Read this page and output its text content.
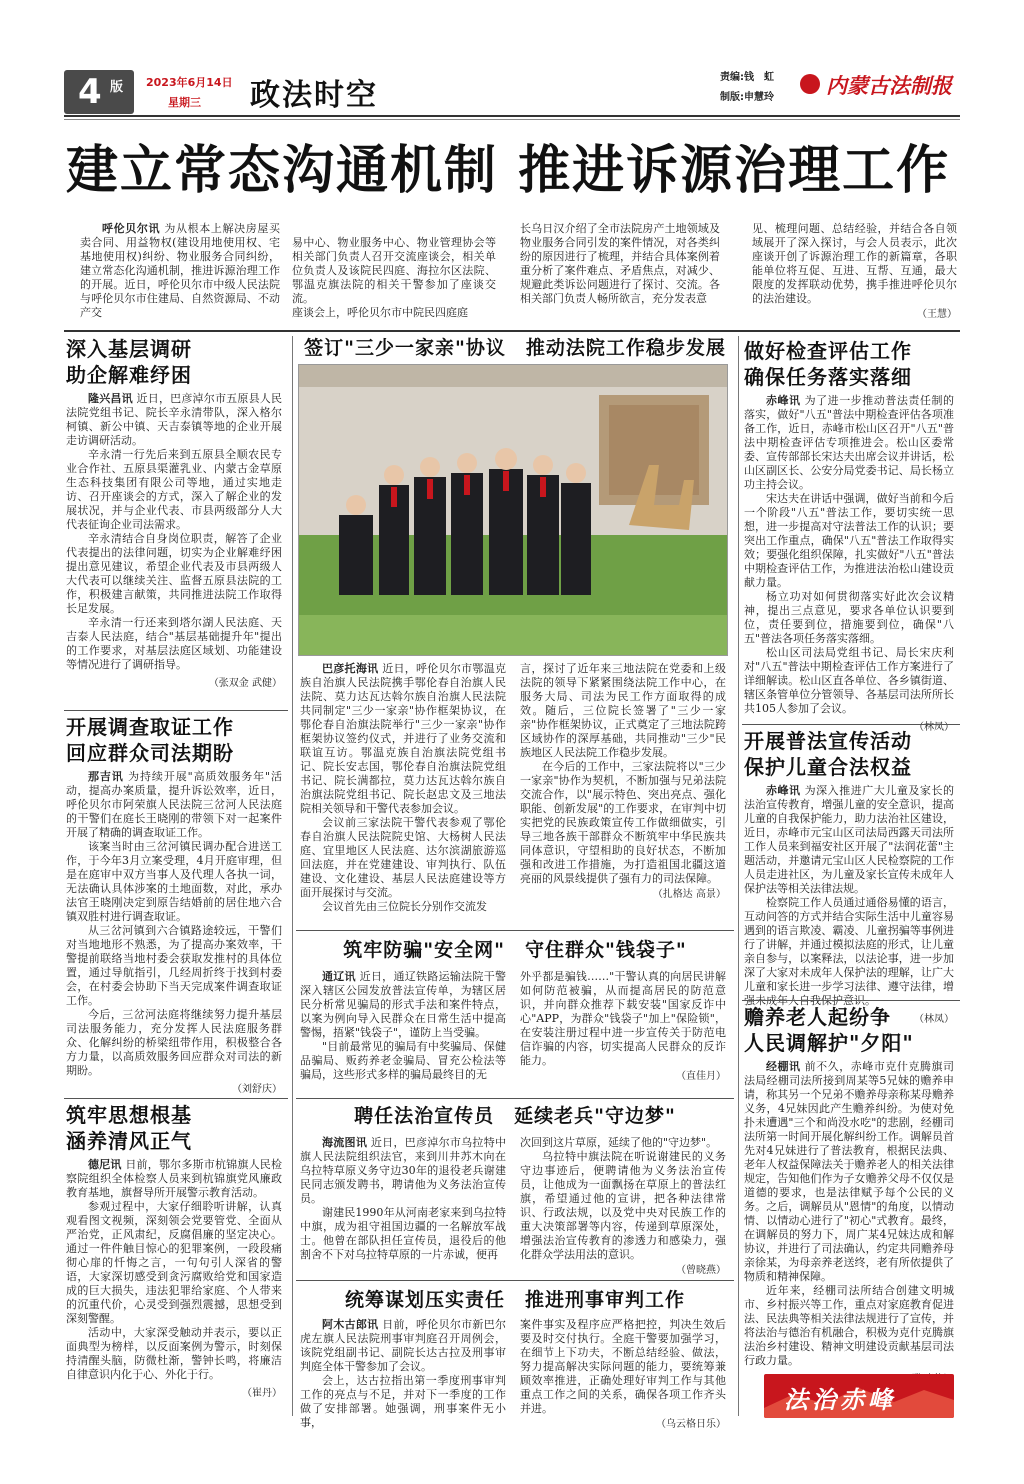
4 版 2023年6月14日
星期三 政法时空
责编:钱　虹
制版:申慧玲 内蒙古法制报
建立常态沟通机制 推进诉源治理工作

呼伦贝尔讯 为从根本上解决房屋买卖合同、用益物权(建设用地使用权、宅基地使用权)纠纷、物业服务合同纠纷，建立常态化沟通机制，推进诉源治理工作的开展。近日，呼伦贝尔市中级人民法院与呼伦贝尔市住建局、自然资源局、不动产交

易中心、物业服务中心、物业管理协会等相关部门负责人召开交流座谈会，相关单位负责人及该院民四庭、海拉尔区法院、鄂温克旗法院的相关干警参加了座谈交流。
座谈会上，呼伦贝尔市中院民四庭庭

长乌日汉介绍了全市法院房产土地领域及物业服务合同引发的案件情况，对各类纠纷的原因进行了梳理，并结合具体案例着重分析了案件难点、矛盾焦点，对减少、规避此类诉讼问题进行了探讨、交流。各相关部门负责人畅所欲言，充分发表意
见、梳理问题、总结经验，并结合各自领域展开了深入探讨，与会人员表示，此次座谈开创了诉源治理工作的新篇章，各职能单位将互促、互进、互帮、互通，最大限度的发挥联动优势，携手推进呼伦贝尔的法治建设。
（王慧）
深入基层调研
助企解难纾困

隆兴昌讯 近日，巴彦淖尔市五原县人民法院党组书记、院长辛永清带队，深入格尔柯镇、新公中镇、天吉泰镇等地的企业开展走访调研活动。

辛永清一行先后来到五原县全顺农民专业合作社、五原县渠灌乳业、内蒙古金草原生态科技集团有限公司等地，通过实地走访、召开座谈会的方式，深入了解企业的发展状况，并与企业代表、市县两级部分人大代表征询企业司法需求。

辛永清结合自身岗位职责，解答了企业代表提出的法律问题，切实为企业解难纾困提出意见建议，希望企业代表及市县两级人大代表可以继续关注、监督五原县法院的工作，积极建言献策，共同推进法院工作取得长足发展。

辛永清一行还来到塔尔湖人民法庭、天吉泰人民法庭，结合"基层基础提升年"提出的工作要求，对基层法庭区域划、功能建设等情况进行了调研指导。

（张双金 武健）
开展调查取证工作
回应群众司法期盼

那吉讯 为持续开展"高质效服务年"活动，提高办案质量，提升诉讼效率，近日，呼伦贝尔市阿荣旗人民法院三岔河人民法庭的干警们在庭长王晓刚的带领下对一起案件开展了精确的调查取证工作。

该案当时由三岔河镇民调办配合进送工作，于今年3月立案受理，4月开庭审理，但是在庭审中双方当事人及代理人各执一词，无法确认具体涉案的土地面数，对此，承办法官王晓刚决定到原告结婚前的居住地六合镇双胜村进行调查取证。

从三岔河镇到六合镇路途较远，干警们对当地地形不熟悉，为了提高办案效率，干警提前联络当地村委会获取发推村的具体位置，通过导航指引，几经周折终于找到村委会，在村委会协助下当天完成案件调查取证工作。

今后，三岔河法庭将继续努力提升基层司法服务能力，充分发挥人民法庭服务群众、化解纠纷的桥梁纽带作用，积极整合各方力量，以高质效服务回应群众对司法的新期盼。

（刘舒庆）
筑牢思想根基
涵养清风正气

德尼讯 日前，鄂尔多斯市杭锦旗人民检察院组织全体检察人员来到杭锦旗党风廉政教育基地，旗督导所开展警示教育活动。

参观过程中，大家仔细聆听讲解，认真观看图文视频，深刻领会党要管党、全面从严治党，正风肃纪，反腐倡廉的坚定决心。通过一件件触目惊心的犯罪案例，一段段痛彻心扉的忏悔之言，一句句引人深省的警语，大家深切感受到贪污腐败给党和国家造成的巨大损失，违法犯罪给家庭、个人带来的沉重代价，心灵受到强烈震撼，思想受到深刻警醒。

活动中，大家深受触动并表示，要以正面典型为榜样，以反面案例为警示，时刻保持清醒头脑，防微杜渐，警钟长鸣，将廉洁自律意识内化于心、外化于行。

（崔丹）
签订"三少一家亲"协议　推动法院工作稳步发展

巴彦托海讯 近日，呼伦贝尔市鄂温克族自治旗人民法院携手鄂伦春自治旗人民法院、莫力达瓦达斡尔族自治旗人民法院共同制定"三少一家亲"协作框架协议，在鄂伦春自治旗法院举行"三少一家亲"协作框架协议签约仪式，并进行了业务交流和联谊互访。鄂温克族自治旗法院党组书记、院长安志国，鄂伦春自治旗法院党组书记、院长满都拉，莫力达瓦达斡尔族自治旗法院党组书记、院长赵忠文及三地法院相关领导和干警代表参加会议。

会议前三家法院干警代表参观了鄂伦春自治旗人民法院院史馆、大杨树人民法庭、宜里地区人民法庭、达尔滨湖旅游巡回法庭，并在党建建设、审判执行、队伍建设、文化建设、基层人民法庭建设等方面开展探讨与交流。

会议首先由三位院长分别作交流发

言，探讨了近年来三地法院在党委和上级法院的领导下紧紧围绕法院工作中心，在服务大局、司法为民工作方面取得的成效。随后，三位院长签署了"三少一家亲"协作框架协议，正式奠定了三地法院跨区域协作的深厚基础，共同推动"三少"民族地区人民法院工作稳步发展。

在今后的工作中，三家法院将以"三少一家亲"协作为契机，不断加强与兄弟法院交流合作，以"展示特色、突出亮点、强化职能、创新发展"的工作要求，在审判中切实把党的民族政策宣传工作做细做实，引导三地各族干部群众不断筑牢中华民族共同体意识，守望相助的良好状态，不断加强和改进工作措施，为打造祖国北疆这道亮丽的风景线提供了强有力的司法保障。

（扎格达 高景）
筑牢防骗"安全网"　守住群众"钱袋子"

通辽讯 近日，通辽铁路运输法院干警深入辖区公园发放普法宣传单，为辖区居民分析常见骗局的形式手法和案件特点，以案为例向导入民群众在日常生活中提高警惕，捂紧"钱袋子"，谨防上当受骗。

"目前最常见的骗局有中奖骗局、保健品骗局、贩药养老金骗局、冒充公检法等骗局，这些形式多样的骗局最终目的无

外乎都是骗钱……"干警认真的向居民讲解如何防范被骗，从而提高居民的防范意识，并向群众推荐下载安装"国家反诈中心"APP，为群众"钱袋子"加上"保险锁"，在安装注册过程中进一步宣传关于防范电信诈骗的内容，切实提高人民群众的反诈能力。
（直佳月）
聘任法治宣传员　延续老兵"守边梦"

海流图讯 近日，巴彦淖尔市乌拉特中旗人民法院组织法官，来到川井苏木向在乌拉特草原义务守边30年的退役老兵谢建民同志颁发聘书，聘请他为义务法治宣传员。

谢建民1990年从河南老家来到乌拉特中旗，成为祖守祖国边疆的一名解放军战士。他曾在部队担任宣传员，退役后的他割舍不下对乌拉特草原的一片赤诚，便再

次回到这片草原，延续了他的"守边梦"。

乌拉特中旗法院在听说谢建民的义务守边事迹后，便聘请他为义务法治宣传员，让他成为一面飘扬在草原上的普法红旗，希望通过他的宣讲，把各种法律常识、行政法规，以及党中央对民族工作的重大决策部署等内容，传递到草原深处，增强法治宣传教育的渗透力和感染力，强化群众学法用法的意识。

（曾晓燕）
统筹谋划压实责任　推进刑事审判工作

阿木古郎讯 日前，呼伦贝尔市新巴尔虎左旗人民法院刑事审判庭召开周例会，该院党组副书记、副院长达古拉及刑事审判庭全体干警参加了会议。

会上，达古拉指出第一季度刑事审判工作的亮点与不足，并对下一季度的工作做了安排部署。她强调，刑事案件无小事，

案件事实及程序应严格把控，判决生效后要及时交付执行。全庭干警要加强学习，在细节上下功夫，不断总结经验、做法，努力提高解决实际问题的能力，要统筹兼顾效率推进，正确处理好审判工作与其他重点工作之间的关系，确保各项工作齐头并进。
（乌云格日乐）
做好检查评估工作
确保任务落实落细

赤峰讯 为了进一步推动普法责任制的落实，做好"八五"普法中期检查评估各项准备工作，近日，赤峰市松山区召开"八五"普法中期检查评估专项推进会。松山区委常委、宣传部部长宋达夫出席会议并讲话，松山区副区长、公安分局党委书记、局长杨立功主持会议。

宋达夫在讲话中强调，做好当前和今后一个阶段"八五"普法工作，要切实统一思想，进一步提高对守法普法工作的认识；要突出工作重点，确保"八五"普法工作取得实效；要强化组织保障，扎实做好"八五"普法中期检查评估工作，为推进法治松山建设贡献力量。

杨立功对如何贯彻落实好此次会议精神，提出三点意见，要求各单位认识要到位，责任要到位，措施要到位，确保"八五"普法各项任务落实落细。

松山区司法局党组书记、局长宋庆利对"八五"普法中期检查评估工作方案进行了详细解读。松山区直各单位、各乡镇街道、辖区条管单位分管领导、各基层司法所所长共105人参加了会议。

（林凤）
开展普法宣传活动
保护儿童合法权益

赤峰讯 为深入推进广大儿童及家长的法治宣传教育，增强儿童的安全意识，提高儿童的自我保护能力，助力法治社区建设，近日，赤峰市元宝山区司法局西露天司法所工作人员来到福安社区开展了"法润花蕾"主题活动，并邀请元宝山区人民检察院的工作人员走进社区，为儿童及家长宣传未成年人保护法等相关法律法规。

检察院工作人员通过通俗易懂的语言，互动问答的方式并结合实际生活中儿童容易遇到的语言欺凌、霸凌、儿童拐骗等事例进行了讲解，并通过模拟法庭的形式，让儿童亲自参与，以案释法，以法论事，进一步加深了大家对未成年人保护法的理解，让广大儿童和家长进一步学习法律、遵守法律，增强未成年人自我保护意识。

（林凤）
赡养老人起纷争
人民调解护"夕阳"

经棚讯 前不久，赤峰市克什克腾旗司法局经棚司法所接到周某等5兄妹的赡养申请，称其另一个兄弟不赡养母亲称某母赡养义务，4兄妹因此产生赡养纠纷。为使对免扑未遭遇"三个和尚没水吃"的悲剧，经棚司法所第一时间开展化解纠纷工作。调解员首先对4兄妹进行了普法教育，根据民法典、老年人权益保障法关于赡养老人的相关法律规定，告知他们作为子女赡养父母不仅仅是道德的要求，也是法律赋予每个公民的义务。之后，调解员从"恩情"的角度，以情动情、以情动心进行了"初心"式教育。最终，在调解员的努力下，周广某4兄妹达成和解协议，并进行了司法确认，约定共同赡养母亲徐某，为母亲养老送终，老有所依提供了物质和精神保障。

近年来，经棚司法所结合创建文明城市、乡村振兴等工作，重点对家庭教育促进法、民法典等相关法律法规进行了宣传，并将法治与德治有机融合，积极为克什克腾旗法治乡村建设、精神文明建设贡献基层司法行政力量。

法治赤峰
